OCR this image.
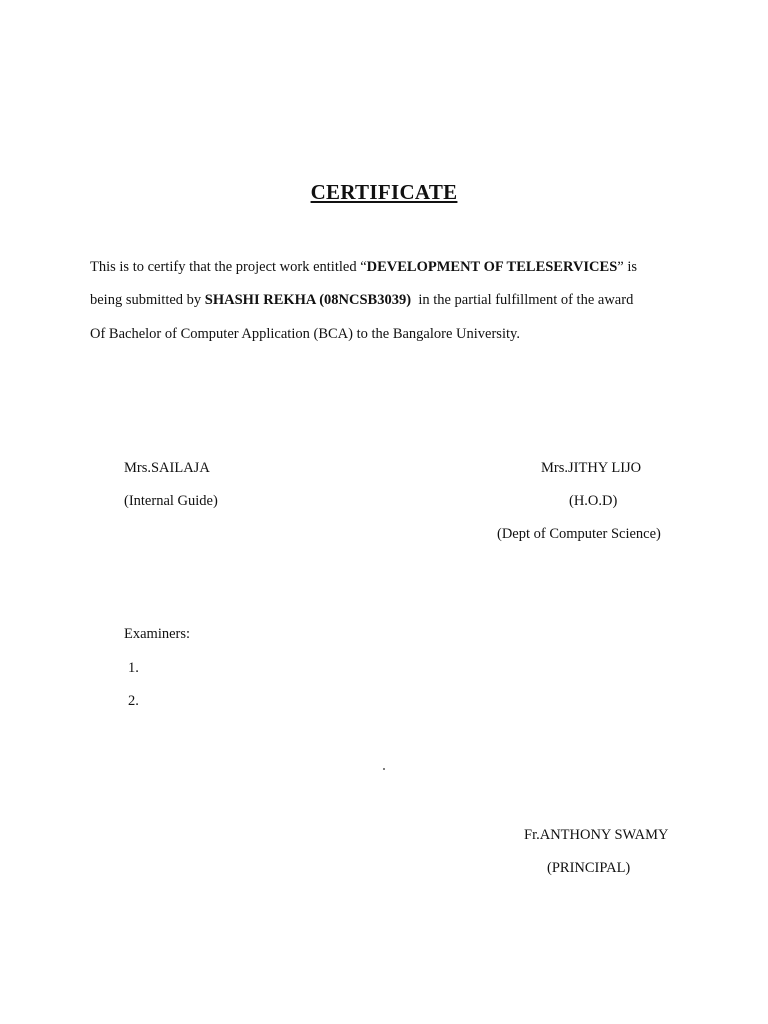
CERTIFICATE
This is to certify that the project work entitled “DEVELOPMENT OF TELESERVICES” is
being submitted by SHASHI REKHA (08NCSB3039)  in the partial fulfillment of the award
Of Bachelor of Computer Application (BCA) to the Bangalore University.
Mrs.SAILAJA
(Internal Guide)
Mrs.JITHY LIJO
(H.O.D)
(Dept of Computer Science)
Examiners:
1.
2.
Fr.ANTHONY SWAMY
(PRINCIPAL)
